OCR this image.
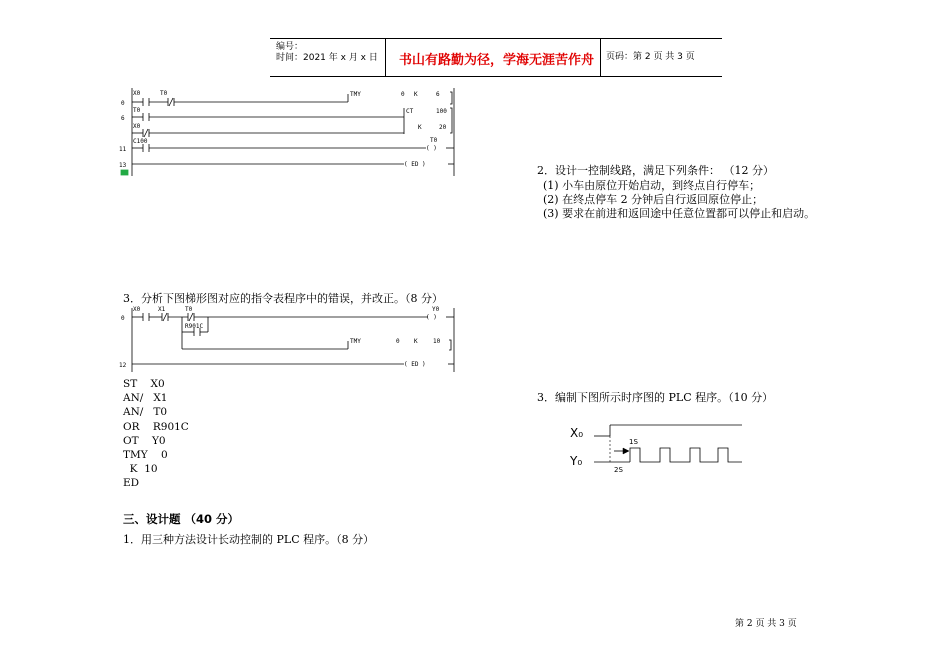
编号：
时间：2021 年 x 月 x 日 书山有路勤为径，学海无涯苦作舟 页码：第 2 页 共 3 页
0
X0	T0	TMY	0 K	6
6
T0	CT	100
K	20
X0
11
C100	T0
( )
13	( ED )	2．设计一控制线路，满足下列条件： （12 分）
(1) 小车由原位开始启动，到终点自行停车；
(2) 在终点停车 2 分钟后自行返回原位停止；
(3) 要求在前进和返回途中任意位置都可以停止和启动。
3．分析下图梯形图对应的指令表程序中的错误，并改正。（8 分）
0
X0	X1	T0
R901C
Y0
( )
TMY	0 K	10
12	( ED )
ST    X0
AN/   X1
AN/   T0
OR    R901C
OT    Y0
TMY    0
K  10
ED
3．编制下图所示时序图的 PLC 程序。（10 分）
X₀
Y₀
1S
2S
三、设计题 （40 分）
1．用三种方法设计长动控制的 PLC 程序。（8 分）
第 2 页 共 3 页
